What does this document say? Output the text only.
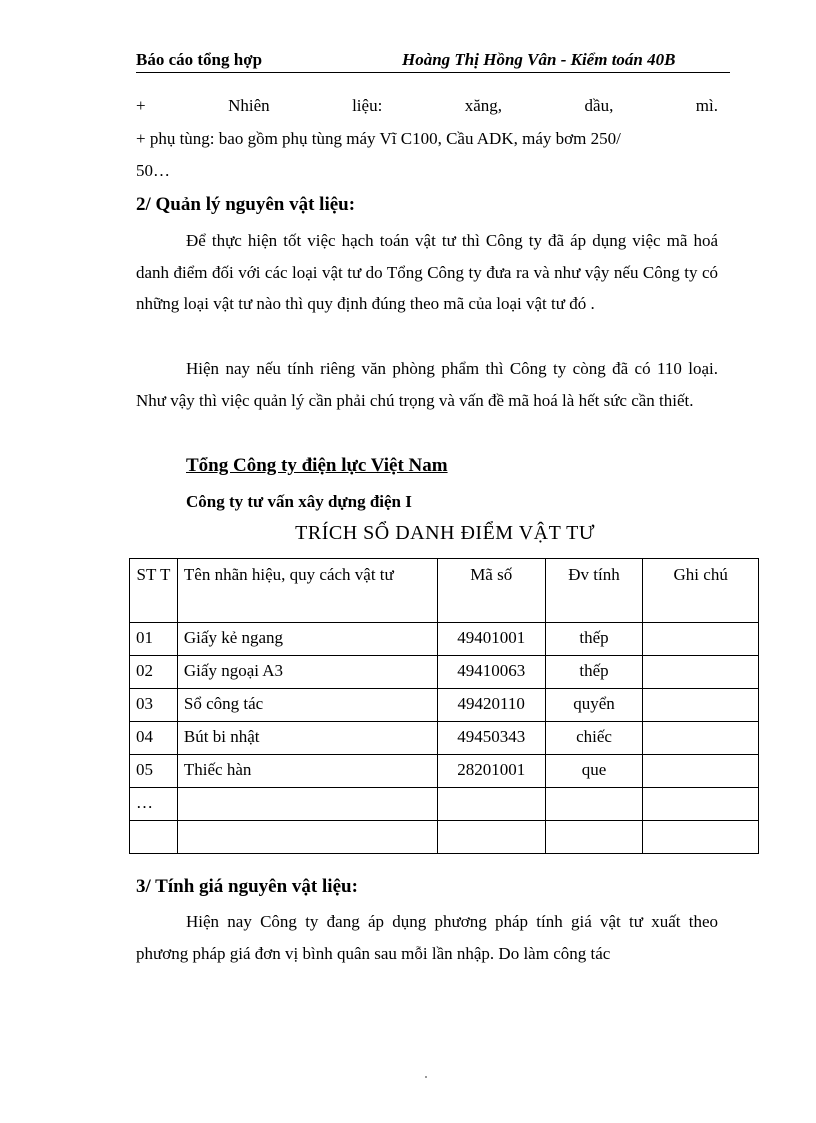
Báo cáo tổng hợp	Hoàng Thị Hồng Vân - Kiểm toán 40B
+	Nhiên	liệu:	xăng,	dầu,	mì.
+ phụ tùng: bao gồm phụ tùng máy Vĩ C100, Cầu ADK, máy bơm 250/
50…
2/ Quản lý nguyên vật liệu:

Để thực hiện tốt việc hạch toán vật tư thì Công ty đã áp dụng việc mã hoá danh điểm đối với các loại vật tư do Tổng Công ty đưa ra và như vậy nếu Công ty có những loại vật tư nào thì quy định đúng theo mã của loại vật tư đó .

Hiện nay nếu tính riêng văn phòng phẩm thì Công ty còng đã có 110 loại. Như vậy thì việc quản lý cần phải chú trọng và vấn đề mã hoá là hết sức cần thiết.

Tổng Công ty điện lực Việt Nam
Công ty tư vấn xây dựng điện I
TRÍCH SỔ DANH ĐIỂM VẬT TƯ
ST T	Tên nhãn hiệu, quy cách vật tư	Mã số	Đv tính	Ghi chú
01	Giấy kẻ ngang	49401001	thếp	
02	Giấy ngoại A3	49410063	thếp	
03	Sổ công tác	49420110	quyển	
04	Bút bi nhật	49450343	chiếc	
05	Thiếc hàn	28201001	que	
…				

3/ Tính giá nguyên vật liệu:

Hiện nay Công ty đang áp dụng phương pháp tính giá vật tư xuất theo phương pháp giá đơn vị bình quân sau mỗi lần nhập. Do làm công tác
